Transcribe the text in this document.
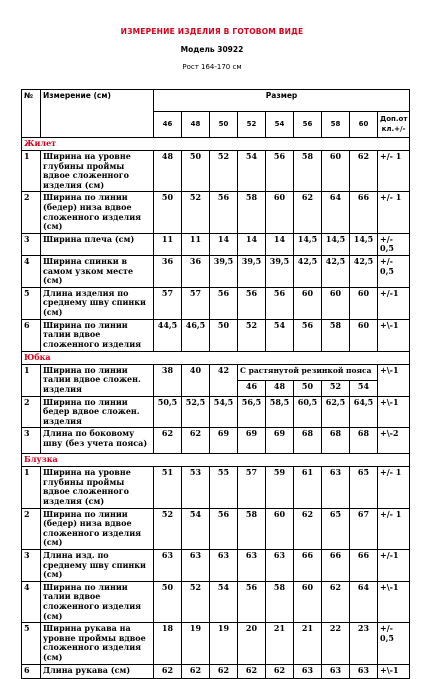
ИЗМЕРЕНИЕ ИЗДЕЛИЯ В ГОТОВОМ ВИДЕ
Модель 30922
Рост 164-170 см
№	Измерение (см)	Размер								
		46	48	50	52	54	56	58	60	Доп.от кл.+/-
Жилет										
1	Ширина на уровне глубины проймы вдвое сложенного изделия (см)	48	50	52	54	56	58	60	62	+/- 1
2	Ширина по линии (бедер) низа вдвое сложенного изделия (см)	50	52	56	58	60	62	64	66	+/- 1
3	Ширина плеча (см)	11	11	14	14	14	14,5	14,5	14,5	+/- 0,5
4	Ширина спинки в самом узком месте (см)	36	36	39,5	39,5	39,5	42,5	42,5	42,5	+/- 0,5
5	Длина изделия по среднему шву спинки (см)	57	57	56	56	56	60	60	60	+/-1
6	Ширина по линии талии вдвое сложенного изделия	44,5	46,5	50	52	54	56	58	60	+\-1
Юбка										
1	Ширина по линии талии вдвое сложен. изделия	38	40	42	С растянутой резинкой пояса					+\-1
					46	48	50	52	54	
2	Ширина по линии бедер вдвое сложен. изделия	50,5	52,5	54,5	56,5	58,5	60,5	62,5	64,5	+\-1
3	Длина по боковому шву (без учета пояса)	62	62	69	69	69	68	68	68	+\-2
Блузка										
1	Ширина на уровне глубины проймы вдвое сложенного изделия (см)	51	53	55	57	59	61	63	65	+/- 1
2	Ширина по линии (бедер) низа вдвое сложенного изделия (см)	52	54	56	58	60	62	65	67	+/- 1
3	Длина изд. по среднему шву спинки (см)	63	63	63	63	63	66	66	66	+/-1
4	Ширина по линии талии вдвое сложенного изделия (см)	50	52	54	56	58	60	62	64	+\-1
5	Ширина рукава на уровне проймы вдвое сложенного изделия (см)	18	19	19	20	21	21	22	23	+/- 0,5
6	Длина рукава (см)	62	62	62	62	62	63	63	63	+\-1
